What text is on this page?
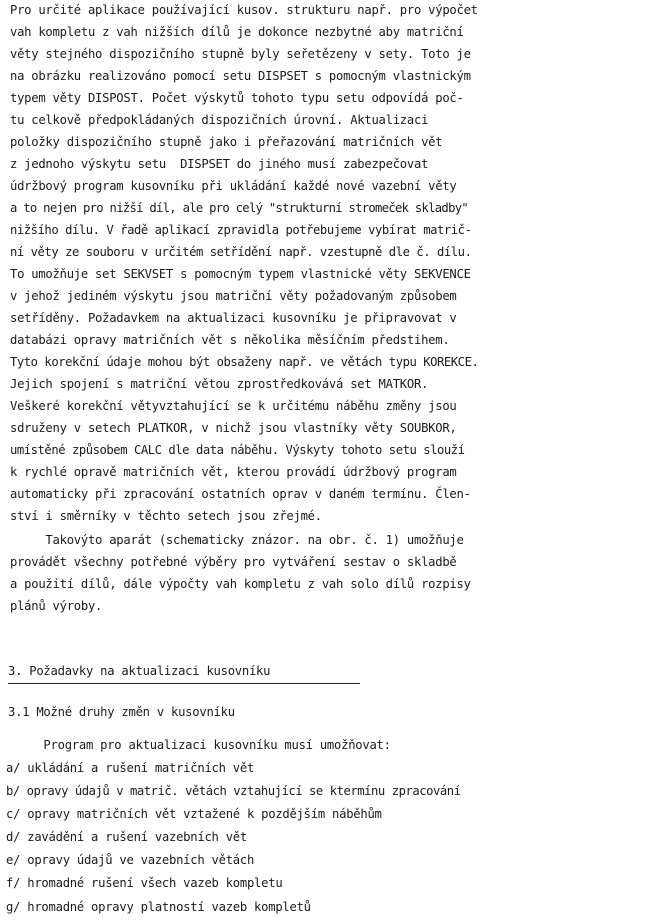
Pro určité aplikace používající kusov. strukturu např. pro výpočet
vah kompletu z vah nižších dílů je dokonce nezbytné aby matriční
věty stejného dispozičního stupně byly seřetězeny v sety. Toto je
na obrázku realizováno pomocí setu DISPSET s pomocným vlastnickým
typem věty DISPOST. Počet výskytů tohoto typu setu odpovídá poč-
tu celkově předpokládaných dispozičních úrovní. Aktualizaci
položky dispozičního stupně jako i přeřazování matričních vět
z jednoho výskytu setu  DISPSET do jiného musí zabezpečovat
údržbový program kusovníku při ukládání každé nové vazební věty
a to nejen pro nižší díl, ale pro celý "strukturní stromeček skladby"
nižšího dílu. V řadě aplikací zpravidla potřebujeme vybírat matrič-
ní věty ze souboru v určitém setřídění např. vzestupně dle č. dílu.
To umožňuje set SEKVSET s pomocným typem vlastnické věty SEKVENCE
v jehož jediném výskytu jsou matriční věty požadovaným způsobem
setříděny. Požadavkem na aktualizaci kusovníku je připravovat v
databázi opravy matričních vět s několika měsíčním předstihem.
Tyto korekční údaje mohou být obsaženy např. ve větách typu KOREKCE.
Jejich spojení s matriční větou zprostředkovává set MATKOR.
Veškeré korekční větyvztahující se k určitému náběhu změny jsou
sdruženy v setech PLATKOR, v nichž jsou vlastníky věty SOUBKOR,
umístěné způsobem CALC dle data náběhu. Výskyty tohoto setu slouží
k rychlé opravě matričních vět, kterou provádí údržbový program
automaticky při zpracování ostatních oprav v daném termínu. Člen-
ství i směrníky v těchto setech jsou zřejmé.
Takovýto aparát (schematicky znázor. na obr. č. 1) umožňuje
provádět všechny potřebné výběry pro vytváření sestav o skladbě
a použití dílů, dále výpočty vah kompletu z vah solo dílů rozpisy
plánů výroby.
3. Požadavky na aktualizaci kusovníku
3.1 Možné druhy změn v kusovníku
Program pro aktualizaci kusovníku musí umožňovat:
a/ ukládání a rušení matričních vět
b/ opravy údajů v matrič. větách vztahující se ktermínu zpracování
c/ opravy matričních vět vztažené k pozdějším náběhům
d/ zavádění a rušení vazebních vět
e/ opravy údajů ve vazebních větách
f/ hromadné rušení všech vazeb kompletu
g/ hromadné opravy platností vazeb kompletů
